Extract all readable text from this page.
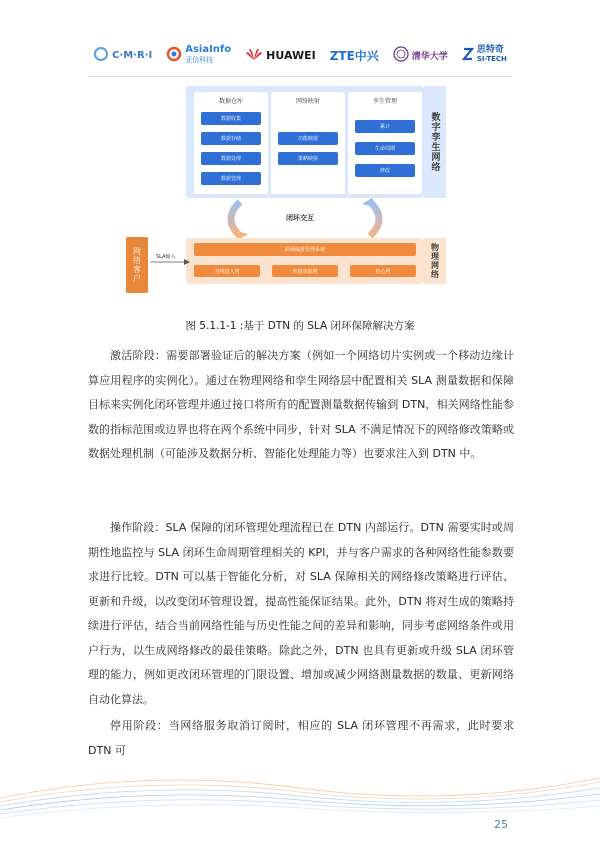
C·M·R·I	AsiaInfo
亚信科技	HUAWEI ZTE中兴	清华大学
思特奇
SI-TECH
数字孪生网络
数据仓库
数据收集
数据存储
数据处理
数据管理
网络映射
功能映射
策略映射
孪生管理
累计
生命周期
修改
闭环交互
物理网络
跨域编排管理系统
无线接入网	传输承载网	核心网
网络客户	SLA输入
图 5.1.1-1 :基于 DTN 的 SLA 闭环保障解决方案

激活阶段：需要部署验证后的解决方案（例如一个网络切片实例或一个移动边缘计算应用程序的实例化）。通过在物理网络和孪生网络层中配置相关 SLA 测量数据和保障目标来实例化闭环管理并通过接口将所有的配置测量数据传输到 DTN，相关网络性能参数的指标范围或边界也将在两个系统中同步，针对 SLA 不满足情况下的网络修改策略或数据处理机制（可能涉及数据分析、智能化处理能力等）也要求注入到 DTN 中。

操作阶段：SLA 保障的闭环管理处理流程已在 DTN 内部运行。DTN 需要实时或周期性地监控与 SLA 闭环生命周期管理相关的 KPI，并与客户需求的各种网络性能参数要求进行比较。DTN 可以基于智能化分析，对 SLA 保障相关的网络修改策略进行评估、更新和升级，以改变闭环管理设置，提高性能保证结果。此外，DTN 将对生成的策略持续进行评估，结合当前网络性能与历史性能之间的差异和影响，同步考虑网络条件或用户行为，以生成网络修改的最佳策略。除此之外，DTN 也具有更新或升级 SLA 闭环管理的能力，例如更改闭环管理的门限设置、增加或减少网络测量数据的数量、更新网络自动化算法。

停用阶段：当网络服务取消订阅时，相应的 SLA 闭环管理不再需求，此时要求 DTN 可

25
